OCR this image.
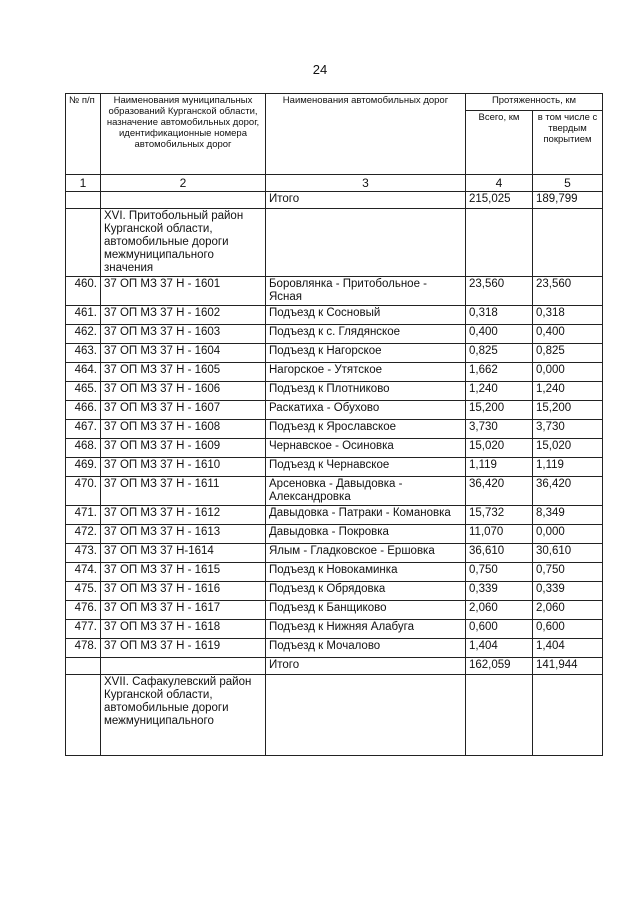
24
№ п/п	Наименования муниципальных образований Курганской области, назначение автомобильных дорог, идентификационные номера автомобильных дорог	Наименования автомобильных дорог	Протяженность, км	
			Всего, км	в том числе с твердым покрытием
1	2	3	4	5
		Итого	215,025	189,799
	XVI. Притобольный район Курганской области, автомобильные дороги межмуниципального значения			
460.	37 ОП МЗ 37 Н - 1601	Боровлянка - Притобольное - Ясная	23,560	23,560
461.	37 ОП МЗ 37 Н - 1602	Подъезд к Сосновый	0,318	0,318
462.	37 ОП МЗ 37 Н - 1603	Подъезд к с. Глядянское	0,400	0,400
463.	37 ОП МЗ 37 Н - 1604	Подъезд к Нагорское	0,825	0,825
464.	37 ОП МЗ 37 Н - 1605	Нагорское - Утятское	1,662	0,000
465.	37 ОП МЗ 37 Н - 1606	Подъезд к Плотниково	1,240	1,240
466.	37 ОП МЗ 37 Н - 1607	Раскатиха - Обухово	15,200	15,200
467.	37 ОП МЗ 37 Н - 1608	Подъезд к Ярославское	3,730	3,730
468.	37 ОП МЗ 37 Н - 1609	Чернавское - Осиновка	15,020	15,020
469.	37 ОП МЗ 37 Н - 1610	Подъезд к Чернавское	1,119	1,119
470.	37 ОП МЗ 37 Н - 1611	Арсеновка - Давыдовка - Александровка	36,420	36,420
471.	37 ОП МЗ 37 Н - 1612	Давыдовка - Патраки - Комановка	15,732	8,349
472.	37 ОП МЗ 37 Н - 1613	Давыдовка - Покровка	11,070	0,000
473.	37 ОП МЗ 37 Н-1614	Ялым - Гладковское - Ершовка	36,610	30,610
474.	37 ОП МЗ 37 Н - 1615	Подъезд к Новокаминка	0,750	0,750
475.	37 ОП МЗ 37 Н - 1616	Подъезд к Обрядовка	0,339	0,339
476.	37 ОП МЗ 37 Н - 1617	Подъезд к Банщиково	2,060	2,060
477.	37 ОП МЗ 37 Н - 1618	Подъезд к Нижняя Алабуга	0,600	0,600
478.	37 ОП МЗ 37 Н - 1619	Подъезд к Мочалово	1,404	1,404
		Итого	162,059	141,944
	XVII. Сафакулевский район Курганской области, автомобильные дороги межмуниципального			
